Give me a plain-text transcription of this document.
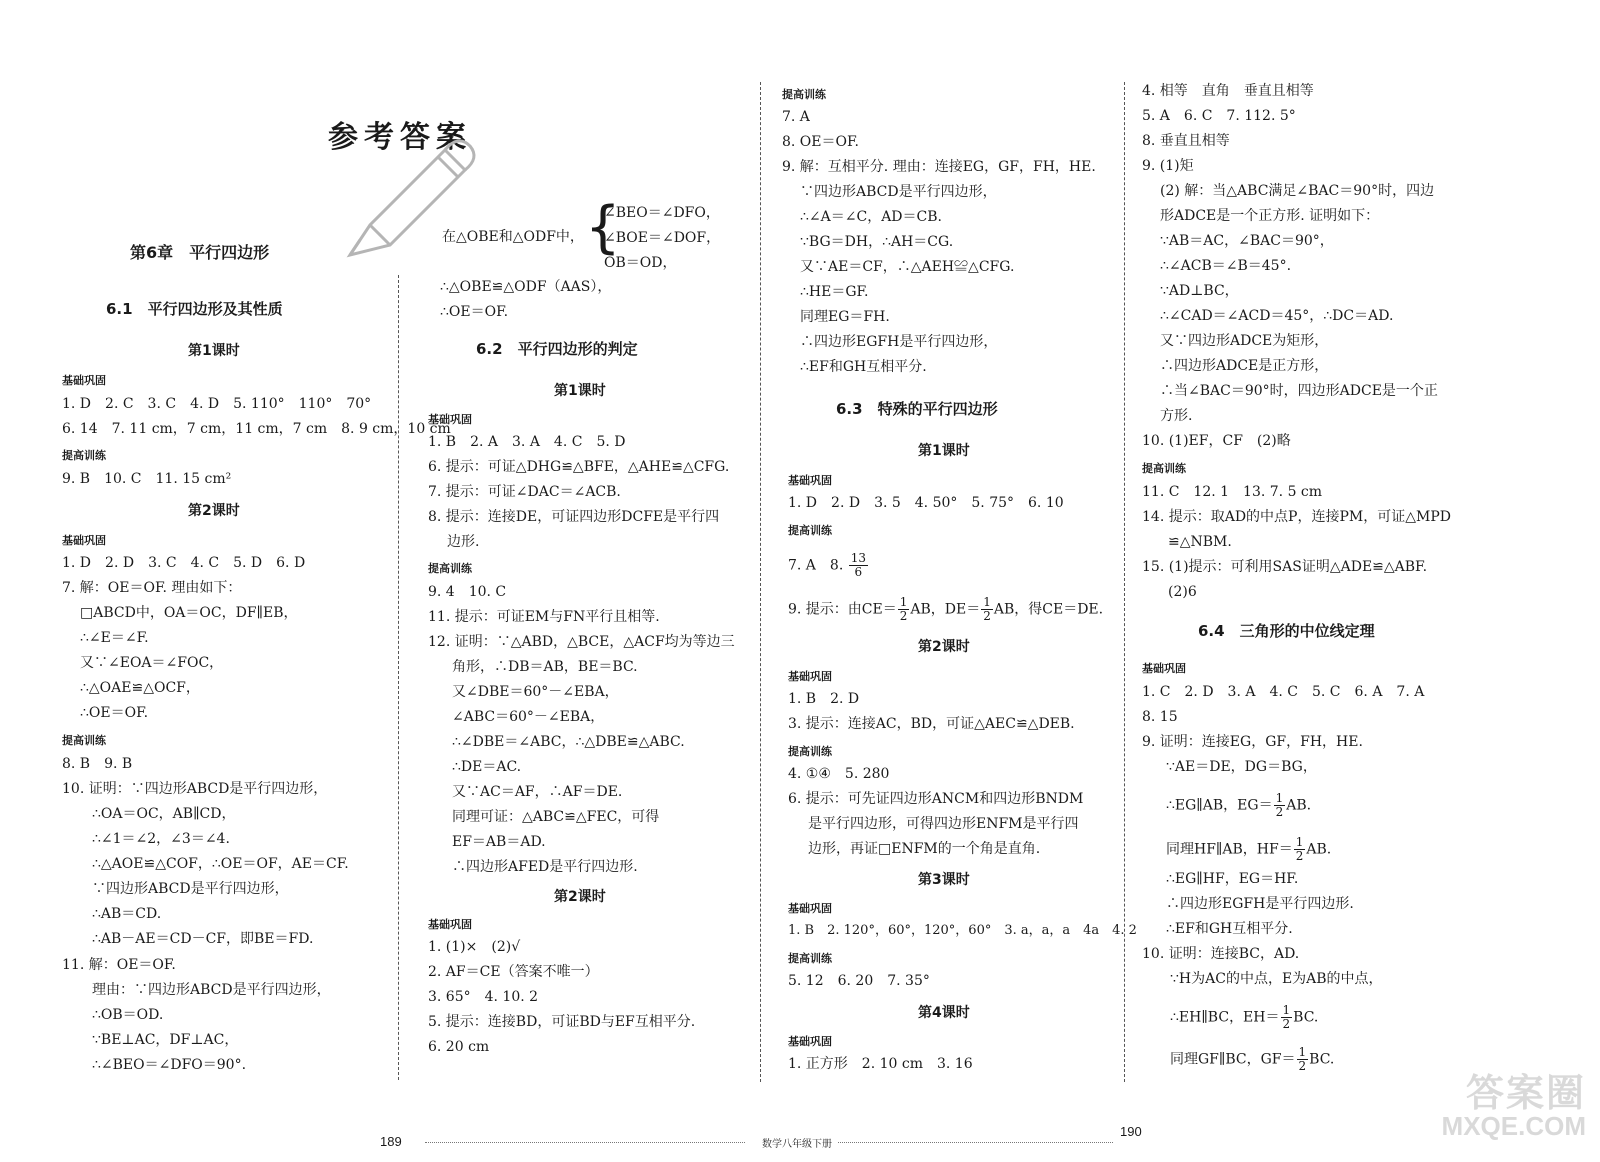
参考答案
第6章　平行四边形
6.1　平行四边形及其性质
第1课时
基础巩固
1. D　2. C　3. C　4. D　5. 110°　110°　70°
6. 14　7. 11 cm，7 cm，11 cm，7 cm　8. 9 cm，10 cm
提高训练
9. B　10. C　11. 15 cm²
第2课时
基础巩固
1. D　2. D　3. C　4. C　5. D　6. D
7. 解：OE＝OF. 理由如下：
□ABCD中，OA＝OC，DF∥EB，
∴∠E＝∠F.
又∵∠EOA＝∠FOC，
∴△OAE≌△OCF，
∴OE＝OF.
提高训练
8. B　9. B
10. 证明：∵四边形ABCD是平行四边形，
∴OA＝OC，AB∥CD，
∴∠1＝∠2，∠3＝∠4.
∴△AOE≌△COF，∴OE＝OF，AE＝CF.
∵四边形ABCD是平行四边形，
∴AB＝CD.
∴AB－AE＝CD－CF，即BE＝FD.
11. 解：OE＝OF.
理由：∵四边形ABCD是平行四边形，
∴OB＝OD.
∵BE⊥AC，DF⊥AC，
∴∠BEO＝∠DFO＝90°.
在△OBE和△ODF中， {
∠BEO＝∠DFO，
∠BOE＝∠DOF，
OB＝OD，
∴△OBE≌△ODF（AAS），
∴OE＝OF.
6.2　平行四边形的判定
第1课时
基础巩固
1. B　2. A　3. A　4. C　5. D
6. 提示：可证△DHG≌△BFE，△AHE≌△CFG.
7. 提示：可证∠DAC＝∠ACB.
8. 提示：连接DE，可证四边形DCFE是平行四
边形.
提高训练
9. 4　10. C
11. 提示：可证EM与FN平行且相等.
12. 证明：∵△ABD，△BCE，△ACF均为等边三
角形，∴DB＝AB，BE＝BC.
又∠DBE＝60°－∠EBA，
∠ABC＝60°－∠EBA，
∴∠DBE＝∠ABC，∴△DBE≌△ABC.
∴DE＝AC.
又∵AC＝AF，∴AF＝DE.
同理可证：△ABC≌△FEC，可得
EF＝AB＝AD.
∴四边形AFED是平行四边形.
第2课时
基础巩固
1. (1)×　(2)√
2. AF＝CE（答案不唯一）
3. 65°　4. 10. 2
5. 提示：连接BD，可证BD与EF互相平分.
6. 20 cm
提高训练
7. A
8. OE＝OF.
9. 解：互相平分. 理由：连接EG，GF，FH，HE.
∵四边形ABCD是平行四边形，
∴∠A＝∠C，AD＝CB.
∵BG＝DH，∴AH＝CG.
又∵AE＝CF，∴△AEH≌△CFG.
∴HE＝GF.
同理EG＝FH.
∴四边形EGFH是平行四边形，
∴EF和GH互相平分.
6.3　特殊的平行四边形
第1课时
基础巩固
1. D　2. D　3. 5　4. 50°　5. 75°　6. 10
提高训练
7. A　8. $\frac{13}{6}$
9. 提示：由$CE= \frac{1}{2}$ AB，$DE= \frac{1}{2}$ AB，得CE＝DE.
第2课时
基础巩固
1. B　2. D
3. 提示：连接AC，BD，可证△AEC≌△DEB.
提高训练
4. ①④　5. 280
6. 提示：可先证四边形ANCM和四边形BNDM
是平行四边形，可得四边形ENFM是平行四
边形，再证□ENFM的一个角是直角.
第3课时
基础巩固
1. B　2. 120°，60°，120°，60°　3. a，a，a　4a　4. 2
提高训练
5. 12　6. 20　7. 35°
第4课时
基础巩固
1. 正方形　2. 10 cm　3. 16
4. 相等　直角　垂直且相等
5. A　6. C　7. 112. 5°
8. 垂直且相等
9. (1)矩
(2) 解：当△ABC满足∠BAC＝90°时，四边
形ADCE是一个正方形. 证明如下：
∵AB＝AC，∠BAC＝90°，
∴∠ACB＝∠B＝45°.
∵AD⊥BC，
∴∠CAD＝∠ACD＝45°，∴DC＝AD.
又∵四边形ADCE为矩形，
∴四边形ADCE是正方形，
∴当∠BAC＝90°时，四边形ADCE是一个正
方形.
10. (1)EF，CF　(2)略
提高训练
11. C　12. 1　13. 7. 5 cm
14. 提示：取AD的中点P，连接PM，可证△MPD
≌△NBM.
15. (1)提示：可利用SAS证明△ADE≌△ABF.
(2)6
6.4　三角形的中位线定理
基础巩固
1. C　2. D　3. A　4. C　5. C　6. A　7. A
8. 15
9. 证明：连接EG，GF，FH，HE.
∵AE＝DE，DG＝BG，
∴EG∥AB，$EG= \frac{1}{2}$ AB.
同理HF∥AB，$HF= \frac{1}{2}$ AB.
∴EG∥HF，EG＝HF.
∴四边形EGFH是平行四边形.
∴EF和GH互相平分.
10. 证明：连接BC，AD.
∵H为AC的中点，E为AB的中点，
∴EH∥BC，$EH= \frac{1}{2}$ BC.
同理GF∥BC，$GF= \frac{1}{2}$ BC.
189	数学八年级下册
190
答案圈
MXQE.COM
